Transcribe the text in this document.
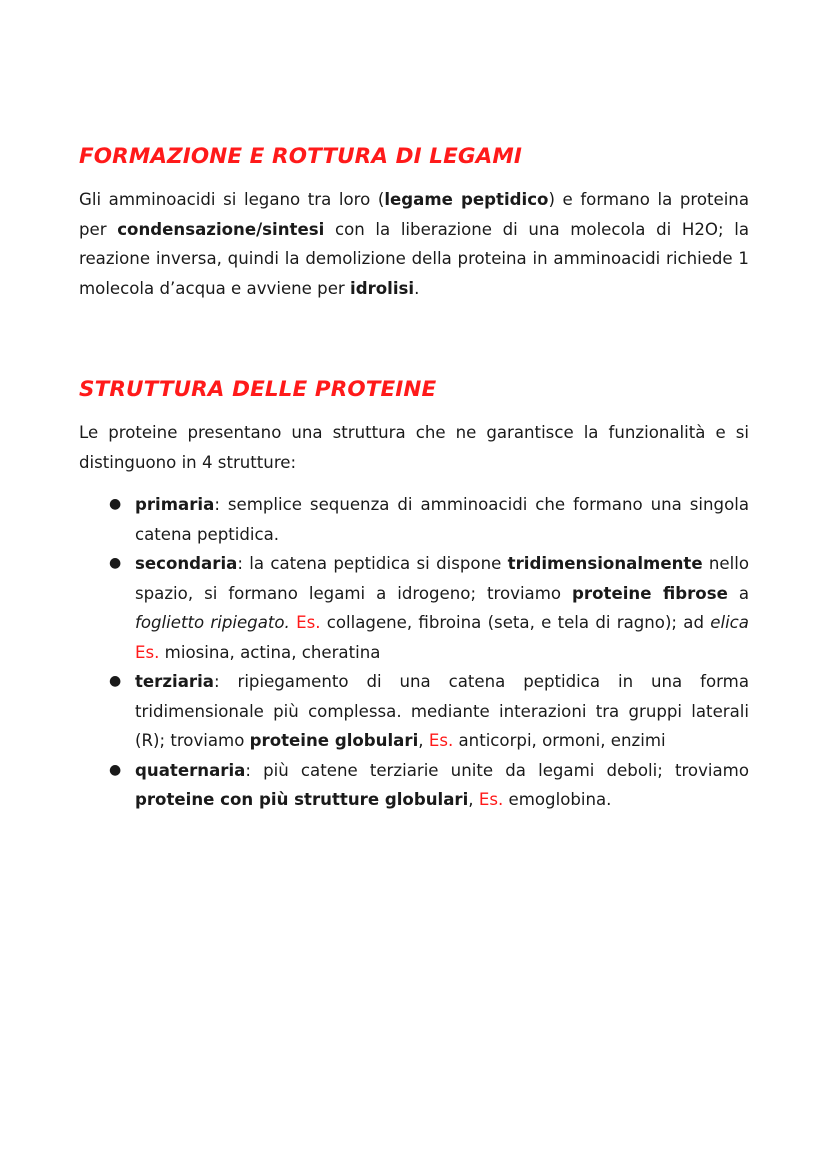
FORMAZIONE E ROTTURA DI LEGAMI

Gli amminoacidi si legano tra loro (legame peptidico) e formano la proteina per condensazione/sintesi con la liberazione di una molecola di H2O; la reazione inversa, quindi la demolizione della proteina in amminoacidi richiede 1 molecola d’acqua e avviene per idrolisi.

STRUTTURA DELLE PROTEINE

Le proteine presentano una struttura che ne garantisce la funzionalità e si distinguono in 4 strutture:

● primaria: semplice sequenza di amminoacidi che formano una singola catena peptidica.
● secondaria: la catena peptidica si dispone tridimensionalmente nello spazio, si formano legami a idrogeno; troviamo proteine fibrose a foglietto ripiegato. Es. collagene, fibroina (seta, e tela di ragno); ad elica Es. miosina, actina, cheratina
● terziaria: ripiegamento di una catena peptidica in una forma tridimensionale più complessa. mediante interazioni tra gruppi laterali (R); troviamo proteine globulari, Es. anticorpi, ormoni, enzimi
● quaternaria: più catene terziarie unite da legami deboli; troviamo proteine con più strutture globulari, Es. emoglobina.
